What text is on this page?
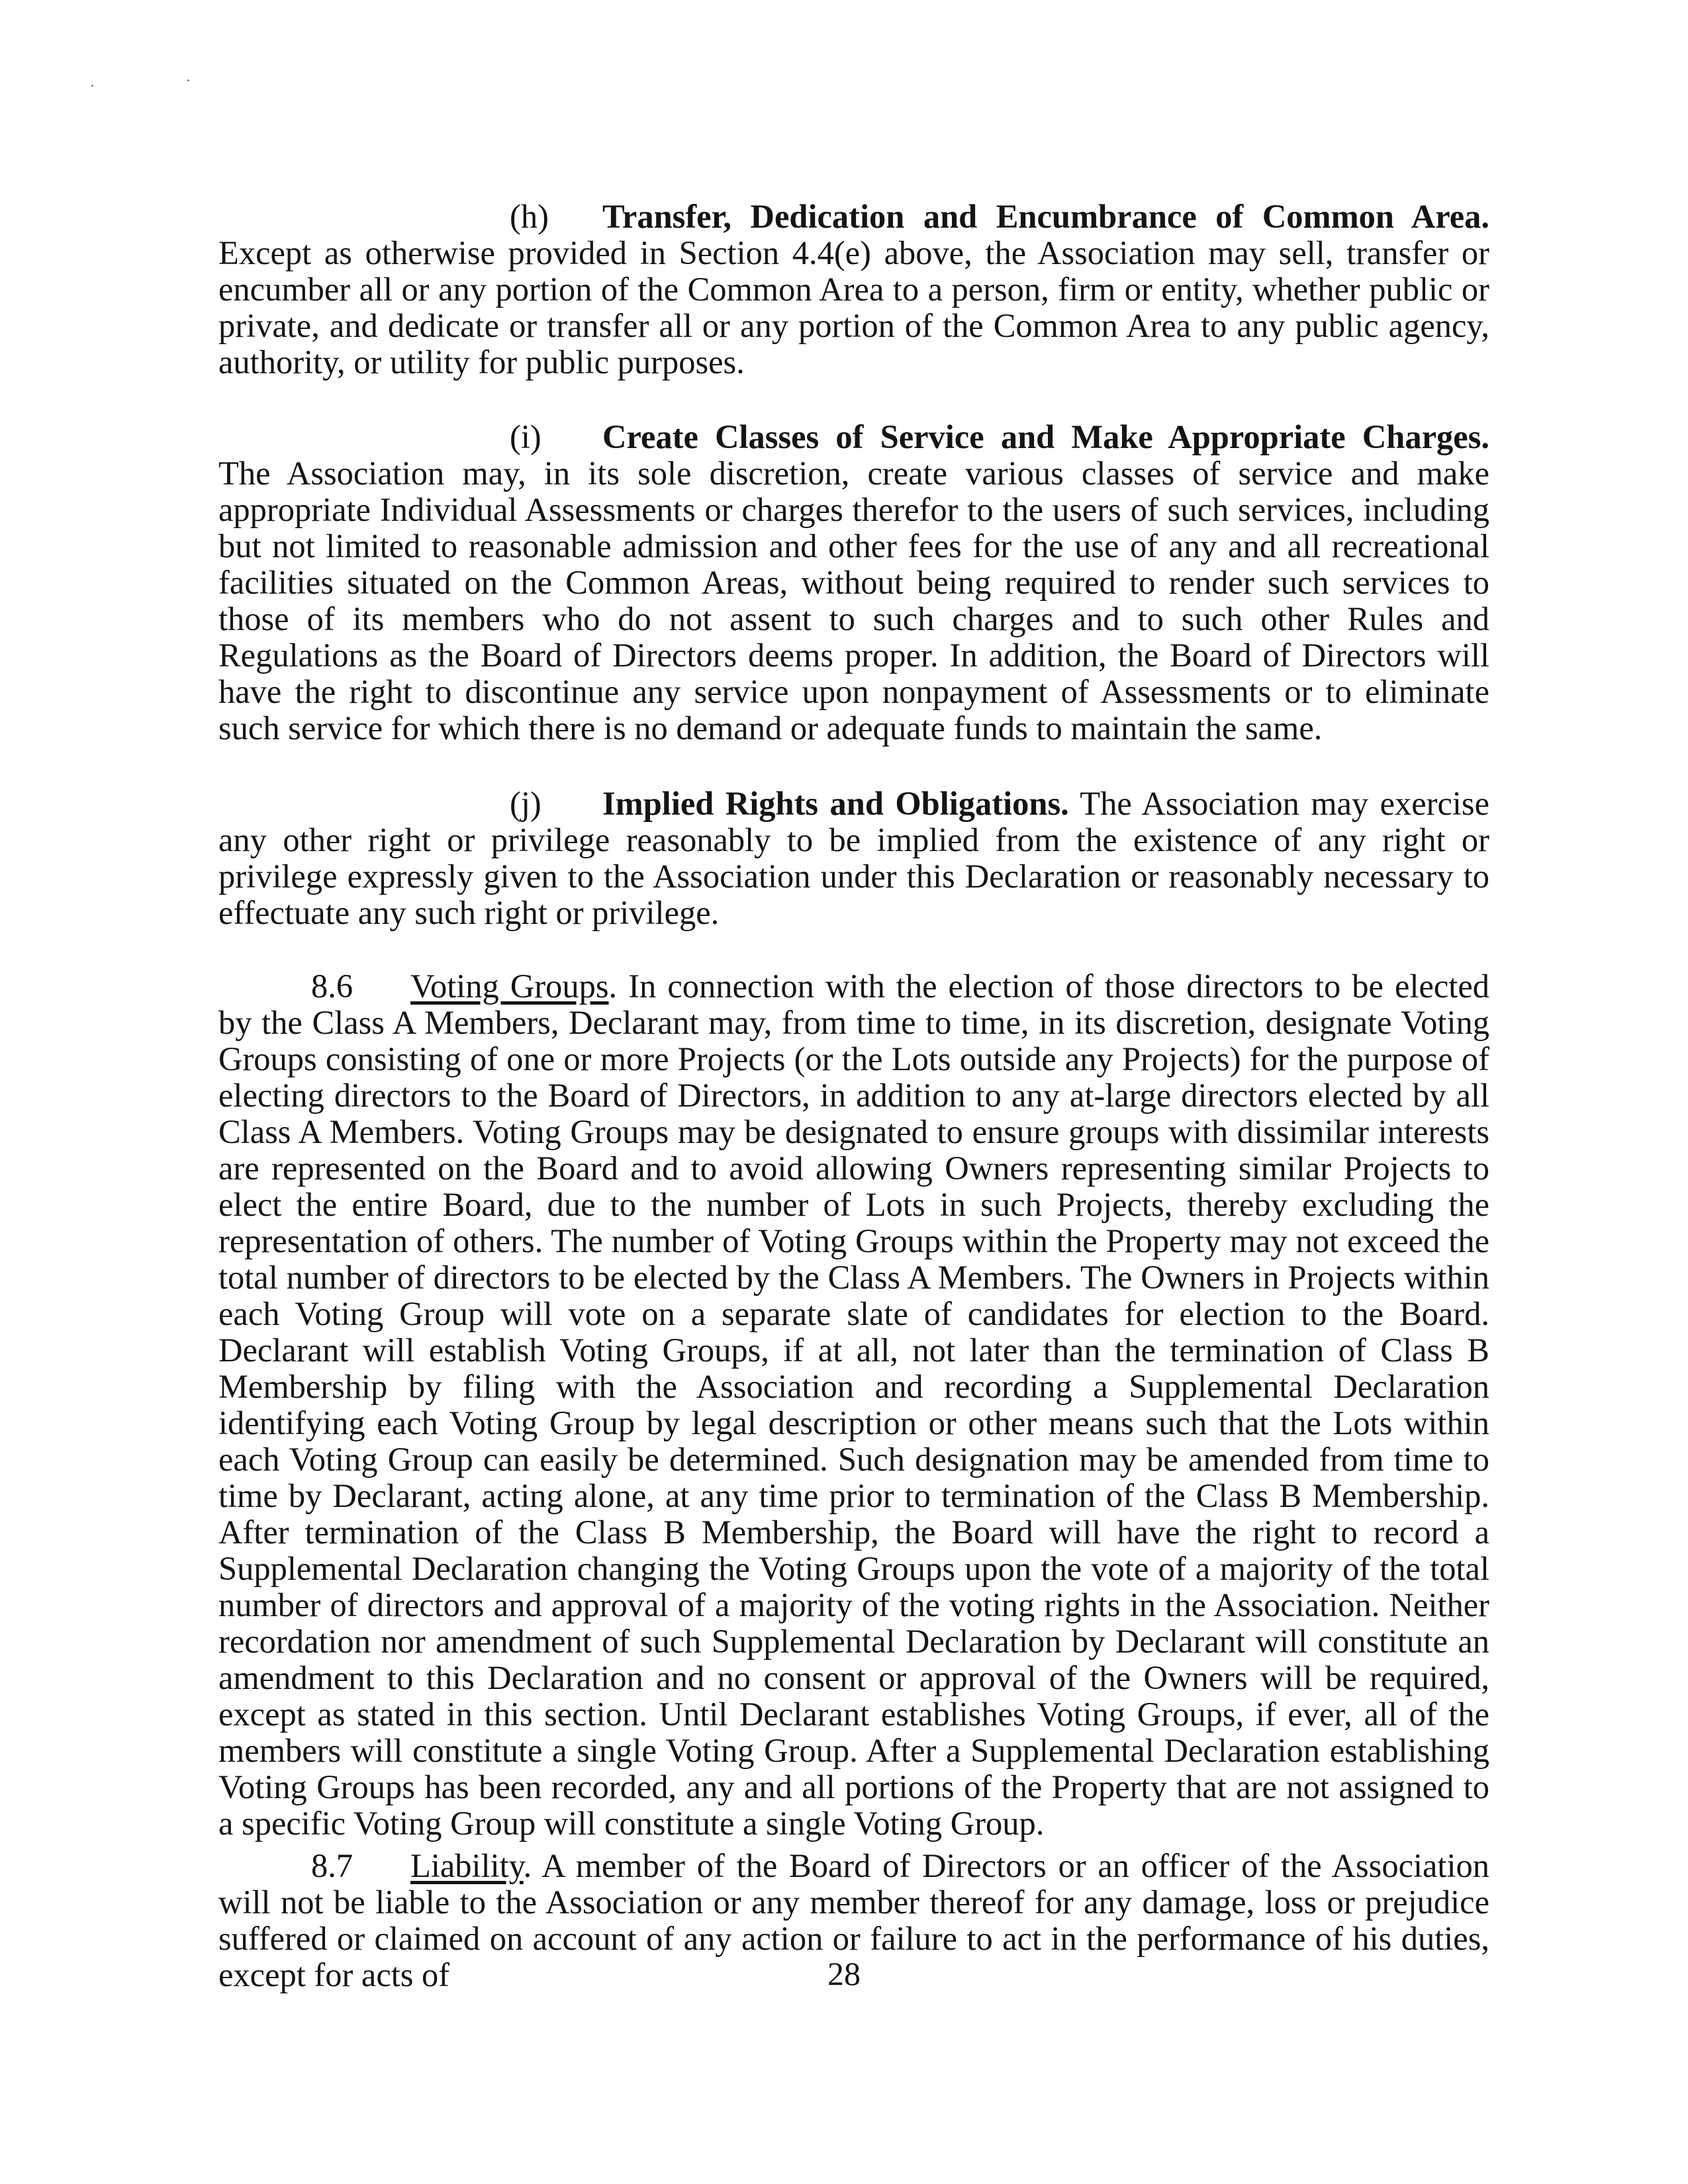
(h) Transfer, Dedication and Encumbrance of Common Area. Except as otherwise provided in Section 4.4(e) above, the Association may sell, transfer or encumber all or any portion of the Common Area to a person, firm or entity, whether public or private, and dedicate or transfer all or any portion of the Common Area to any public agency, authority, or utility for public purposes.

(i) Create Classes of Service and Make Appropriate Charges. The Association may, in its sole discretion, create various classes of service and make appropriate Individual Assessments or charges therefor to the users of such services, including but not limited to reasonable admission and other fees for the use of any and all recreational facilities situated on the Common Areas, without being required to render such services to those of its members who do not assent to such charges and to such other Rules and Regulations as the Board of Directors deems proper. In addition, the Board of Directors will have the right to discontinue any service upon nonpayment of Assessments or to eliminate such service for which there is no demand or adequate funds to maintain the same.

(j) Implied Rights and Obligations. The Association may exercise any other right or privilege reasonably to be implied from the existence of any right or privilege expressly given to the Association under this Declaration or reasonably necessary to effectuate any such right or privilege.

8.6 Voting Groups. In connection with the election of those directors to be elected by the Class A Members, Declarant may, from time to time, in its discretion, designate Voting Groups consisting of one or more Projects (or the Lots outside any Projects) for the purpose of electing directors to the Board of Directors, in addition to any at-large directors elected by all Class A Members. Voting Groups may be designated to ensure groups with dissimilar interests are represented on the Board and to avoid allowing Owners representing similar Projects to elect the entire Board, due to the number of Lots in such Projects, thereby excluding the representation of others. The number of Voting Groups within the Property may not exceed the total number of directors to be elected by the Class A Members. The Owners in Projects within each Voting Group will vote on a separate slate of candidates for election to the Board. Declarant will establish Voting Groups, if at all, not later than the termination of Class B Membership by filing with the Association and recording a Supplemental Declaration identifying each Voting Group by legal description or other means such that the Lots within each Voting Group can easily be determined. Such designation may be amended from time to time by Declarant, acting alone, at any time prior to termination of the Class B Membership. After termination of the Class B Membership, the Board will have the right to record a Supplemental Declaration changing the Voting Groups upon the vote of a majority of the total number of directors and approval of a majority of the voting rights in the Association. Neither recordation nor amendment of such Supplemental Declaration by Declarant will constitute an amendment to this Declaration and no consent or approval of the Owners will be required, except as stated in this section. Until Declarant establishes Voting Groups, if ever, all of the members will constitute a single Voting Group. After a Supplemental Declaration establishing Voting Groups has been recorded, any and all portions of the Property that are not assigned to a specific Voting Group will constitute a single Voting Group.

8.7 Liability. A member of the Board of Directors or an officer of the Association will not be liable to the Association or any member thereof for any damage, loss or prejudice suffered or claimed on account of any action or failure to act in the performance of his duties, except for acts of	28
